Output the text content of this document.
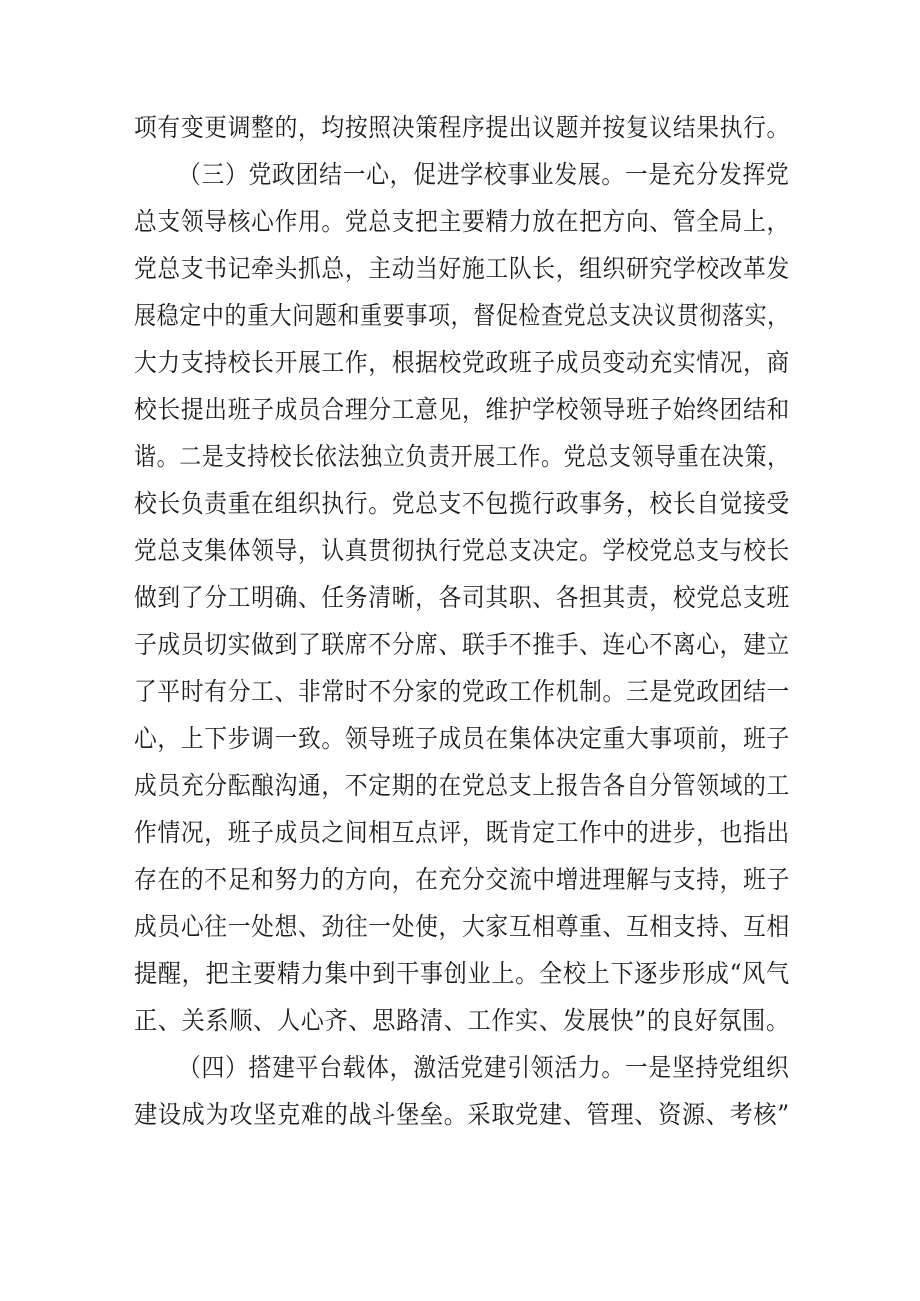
项有变更调整的，均按照决策程序提出议题并按复议结果执行。
（三）党政团结一心，促进学校事业发展。一是充分发挥党
总支领导核心作用。党总支把主要精力放在把方向、管全局上，
党总支书记牵头抓总，主动当好施工队长，组织研究学校改革发
展稳定中的重大问题和重要事项，督促检查党总支决议贯彻落实，
大力支持校长开展工作，根据校党政班子成员变动充实情况，商
校长提出班子成员合理分工意见，维护学校领导班子始终团结和
谐。二是支持校长依法独立负责开展工作。党总支领导重在决策，
校长负责重在组织执行。党总支不包揽行政事务，校长自觉接受
党总支集体领导，认真贯彻执行党总支决定。学校党总支与校长
做到了分工明确、任务清晰，各司其职、各担其责，校党总支班
子成员切实做到了联席不分席、联手不推手、连心不离心，建立
了平时有分工、非常时不分家的党政工作机制。三是党政团结一
心，上下步调一致。领导班子成员在集体决定重大事项前，班子
成员充分酝酿沟通，不定期的在党总支上报告各自分管领域的工
作情况，班子成员之间相互点评，既肯定工作中的进步，也指出
存在的不足和努力的方向，在充分交流中增进理解与支持，班子
成员心往一处想、劲往一处使，大家互相尊重、互相支持、互相
提醒，把主要精力集中到干事创业上。全校上下逐步形成“风气
正、关系顺、人心齐、思路清、工作实、发展快”的良好氛围。
（四）搭建平台载体，激活党建引领活力。一是坚持党组织
建设成为攻坚克难的战斗堡垒。采取党建、管理、资源、考核”
